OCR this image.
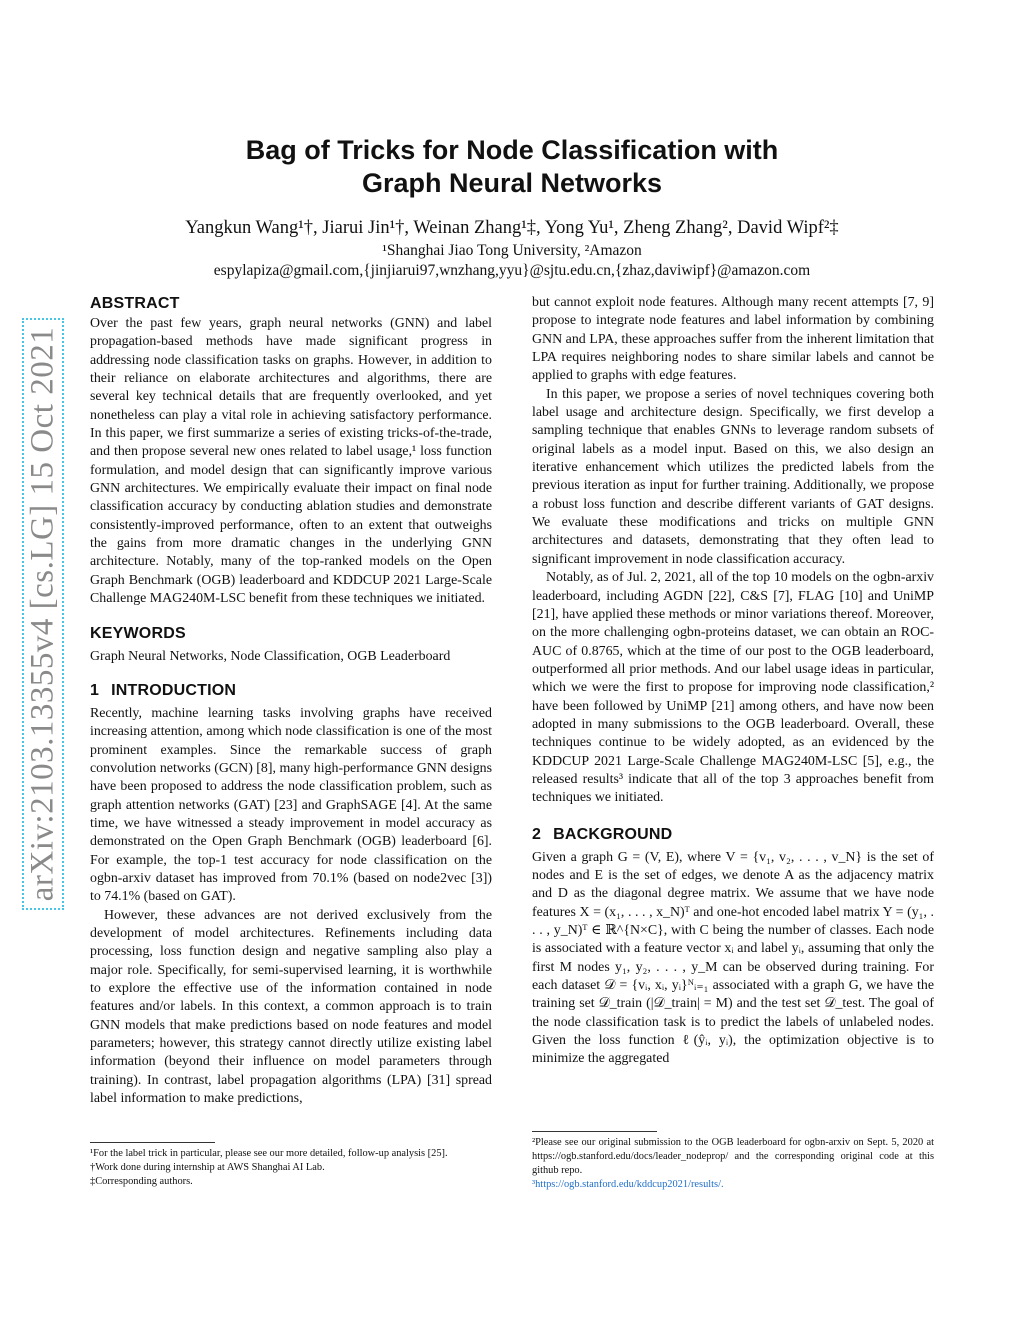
arXiv:2103.13355v4 [cs.LG] 15 Oct 2021
Bag of Tricks for Node Classification with
Graph Neural Networks
Yangkun Wang¹†, Jiarui Jin¹†, Weinan Zhang¹‡, Yong Yu¹, Zheng Zhang², David Wipf²‡
¹Shanghai Jiao Tong University, ²Amazon
espylapiza@gmail.com,{jinjiarui97,wnzhang,yyu}@sjtu.edu.cn,{zhaz,daviwipf}@amazon.com
ABSTRACT

Over the past few years, graph neural networks (GNN) and label propagation-based methods have made significant progress in addressing node classification tasks on graphs. However, in addition to their reliance on elaborate architectures and algorithms, there are several key technical details that are frequently overlooked, and yet nonetheless can play a vital role in achieving satisfactory performance. In this paper, we first summarize a series of existing tricks-of-the-trade, and then propose several new ones related to label usage,¹ loss function formulation, and model design that can significantly improve various GNN architectures. We empirically evaluate their impact on final node classification accuracy by conducting ablation studies and demonstrate consistently-improved performance, often to an extent that outweighs the gains from more dramatic changes in the underlying GNN architecture. Notably, many of the top-ranked models on the Open Graph Benchmark (OGB) leaderboard and KDDCUP 2021 Large-Scale Challenge MAG240M-LSC benefit from these techniques we initiated.

KEYWORDS

Graph Neural Networks, Node Classification, OGB Leaderboard

1 INTRODUCTION

Recently, machine learning tasks involving graphs have received increasing attention, among which node classification is one of the most prominent examples. Since the remarkable success of graph convolution networks (GCN) [8], many high-performance GNN designs have been proposed to address the node classification problem, such as graph attention networks (GAT) [23] and GraphSAGE [4]. At the same time, we have witnessed a steady improvement in model accuracy as demonstrated on the Open Graph Benchmark (OGB) leaderboard [6]. For example, the top-1 test accuracy for node classification on the ogbn-arxiv dataset has improved from 70.1% (based on node2vec [3]) to 74.1% (based on GAT).

However, these advances are not derived exclusively from the development of model architectures. Refinements including data processing, loss function design and negative sampling also play a major role. Specifically, for semi-supervised learning, it is worthwhile to explore the effective use of the information contained in node features and/or labels. In this context, a common approach is to train GNN models that make predictions based on node features and model parameters; however, this strategy cannot directly utilize existing label information (beyond their influence on model parameters through training). In contrast, label propagation algorithms (LPA) [31] spread label information to make predictions,

¹For the label trick in particular, please see our more detailed, follow-up analysis [25].

†Work done during internship at AWS Shanghai AI Lab.

‡Corresponding authors.

but cannot exploit node features. Although many recent attempts [7, 9] propose to integrate node features and label information by combining GNN and LPA, these approaches suffer from the inherent limitation that LPA requires neighboring nodes to share similar labels and cannot be applied to graphs with edge features.

In this paper, we propose a series of novel techniques covering both label usage and architecture design. Specifically, we first develop a sampling technique that enables GNNs to leverage random subsets of original labels as a model input. Based on this, we also design an iterative enhancement which utilizes the predicted labels from the previous iteration as input for further training. Additionally, we propose a robust loss function and describe different variants of GAT designs. We evaluate these modifications and tricks on multiple GNN architectures and datasets, demonstrating that they often lead to significant improvement in node classification accuracy.

Notably, as of Jul. 2, 2021, all of the top 10 models on the ogbn-arxiv leaderboard, including AGDN [22], C&S [7], FLAG [10] and UniMP [21], have applied these methods or minor variations thereof. Moreover, on the more challenging ogbn-proteins dataset, we can obtain an ROC-AUC of 0.8765, which at the time of our post to the OGB leaderboard, outperformed all prior methods. And our label usage ideas in particular, which we were the first to propose for improving node classification,² have been followed by UniMP [21] among others, and have now been adopted in many submissions to the OGB leaderboard. Overall, these techniques continue to be widely adopted, as an evidenced by the KDDCUP 2021 Large-Scale Challenge MAG240M-LSC [5], e.g., the released results³ indicate that all of the top 3 approaches benefit from techniques we initiated.

2 BACKGROUND

Given a graph G = (V, E), where V = {v₁, v₂, . . . , v_N} is the set of nodes and E is the set of edges, we denote A as the adjacency matrix and D as the diagonal degree matrix. We assume that we have node features X = (x₁, . . . , x_N)ᵀ and one-hot encoded label matrix Y = (y₁, . . . , y_N)ᵀ ∈ ℝ^{N×C}, with C being the number of classes. Each node is associated with a feature vector xᵢ and label yᵢ, assuming that only the first M nodes y₁, y₂, . . . , y_M can be observed during training. For each dataset 𝒟 = {vᵢ, xᵢ, yᵢ}ᴺᵢ₌₁ associated with a graph G, we have the training set 𝒟_train (|𝒟_train| = M) and the test set 𝒟_test. The goal of the node classification task is to predict the labels of unlabeled nodes. Given the loss function ℓ(ŷᵢ, yᵢ), the optimization objective is to minimize the aggregated

²Please see our original submission to the OGB leaderboard for ogbn-arxiv on Sept. 5, 2020 at https://ogb.stanford.edu/docs/leader_nodeprop/ and the corresponding original code at this github repo.

³https://ogb.stanford.edu/kddcup2021/results/.
